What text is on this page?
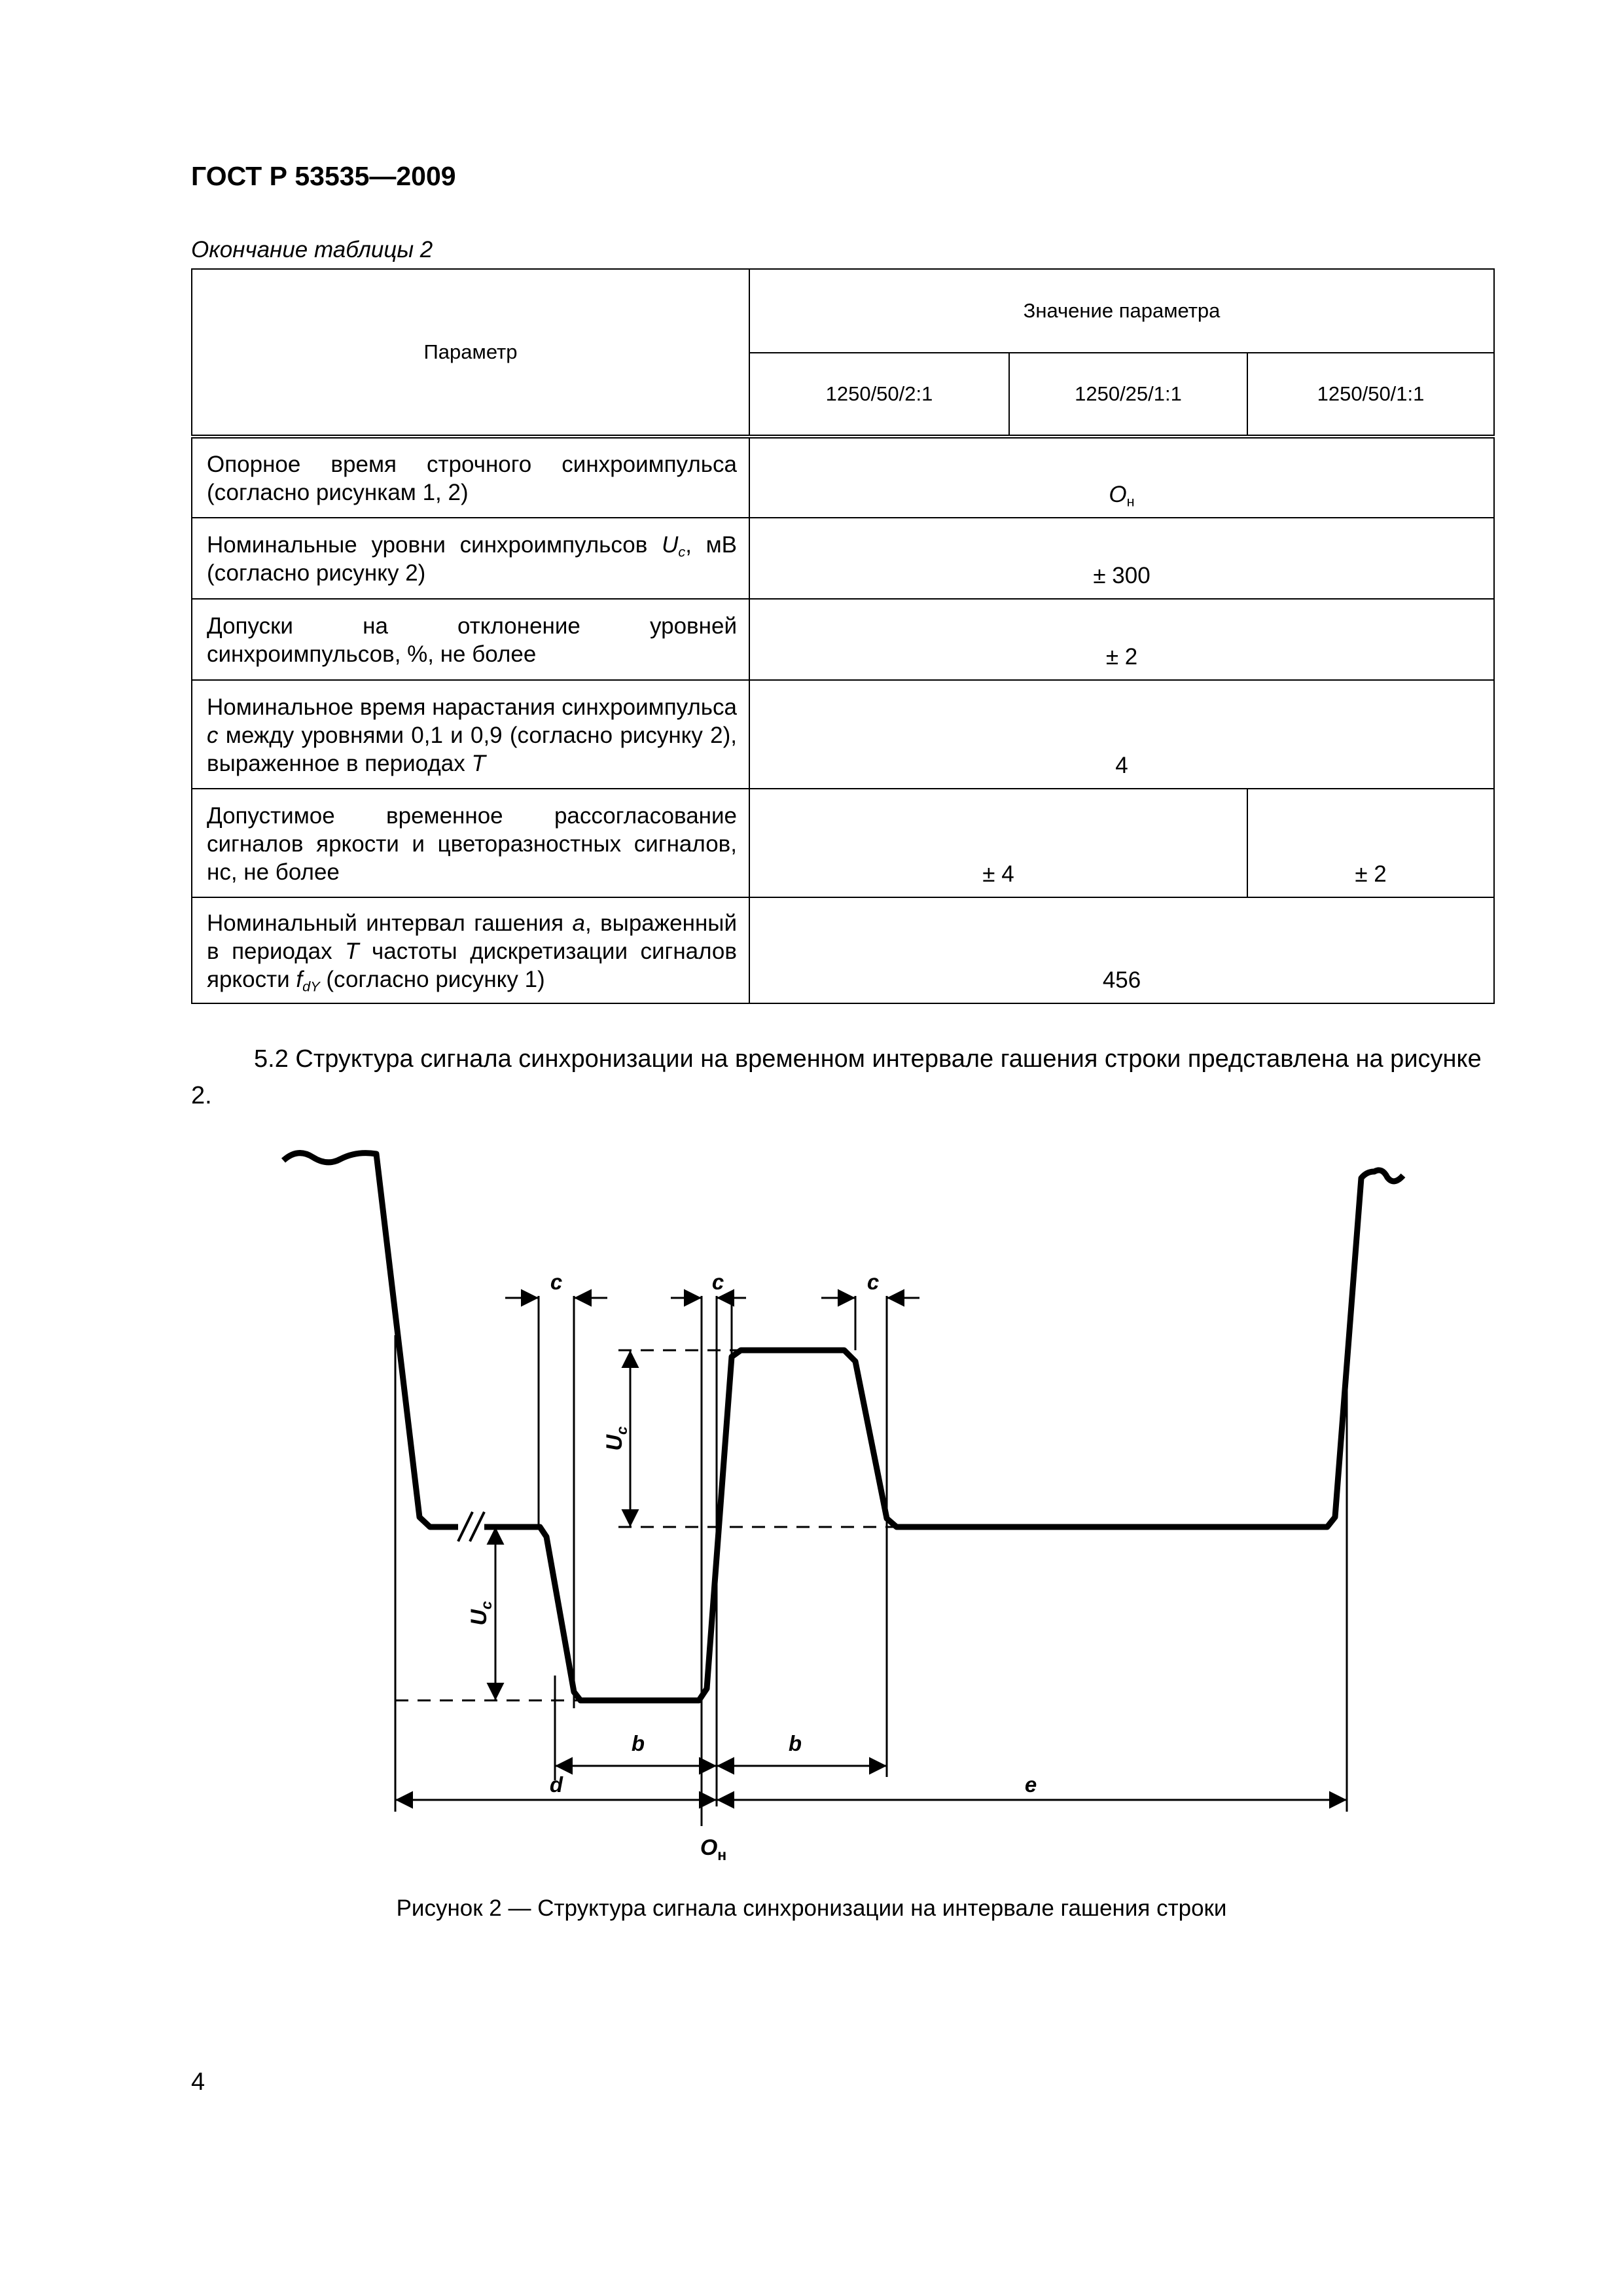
ГОСТ Р 53535—2009
Окончание таблицы 2
Параметр	Значение параметра		
	1250/50/2:1	1250/25/1:1	1250/50/1:1
Опорное время строчного синхроимпульса (согласно рисункам 1, 2)	$O_н$
Номинальные уровни синхроимпульсов $U_c$, мВ (согласно рисунку 2)	± 300		
Допуски на отклонение уровней синхроимпульсов, %, не более	± 2		
Номинальное время нарастания синхроимпульса c между уровнями 0,1 и 0,9 (согласно рисунку 2), выраженное в периодах T	4		
Допустимое временное рассогласование сигналов яркости и цветоразностных сигналов, нс, не более	± 4		± 2
Номинальный интервал гашения a, выраженный в периодах T частоты дискретизации сигналов яркости $f_{dY}$ (согласно рисунку 1)	456		
5.2 Структура сигнала синхронизации на временном интервале гашения строки представлена на рисунке 2.
c	c	c
$U_c$
$U_c$
b	b
d	e
$O_н$
Рисунок 2 — Структура сигнала синхронизации на интервале гашения строки
4
